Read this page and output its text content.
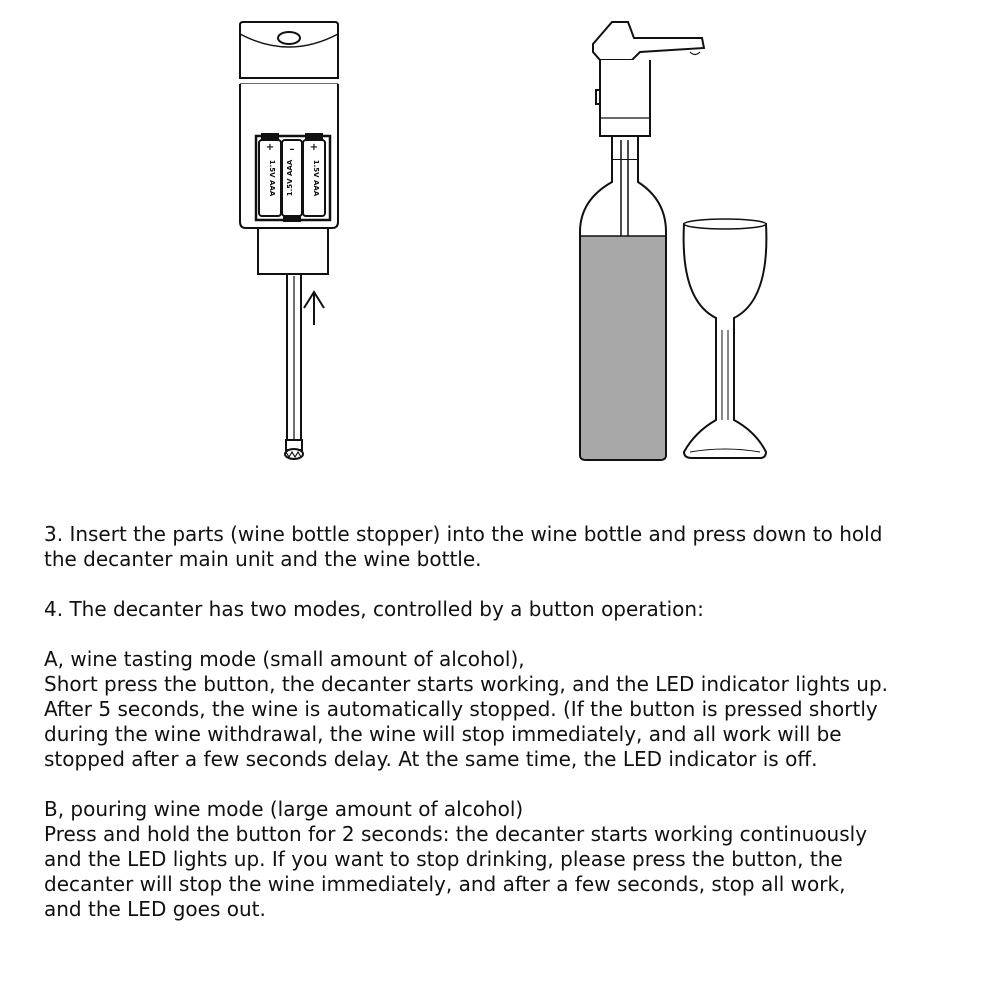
+ – +
1.5V AAA 1.5V AAA	1.5V AAA

3. Insert the parts (wine bottle stopper) into the wine bottle and press down to hold
the decanter main unit and the wine bottle.

4. The decanter has two modes, controlled by a button operation:

A, wine tasting mode (small amount of alcohol),
Short press the button, the decanter starts working, and the LED indicator lights up.
After 5 seconds, the wine is automatically stopped. (If the button is pressed shortly
during the wine withdrawal, the wine will stop immediately, and all work will be
stopped after a few seconds delay. At the same time, the LED indicator is off.

B, pouring wine mode (large amount of alcohol)
Press and hold the button for 2 seconds: the decanter starts working continuously
and the LED lights up. If you want to stop drinking, please press the button, the
decanter will stop the wine immediately, and after a few seconds, stop all work,
and the LED goes out.
